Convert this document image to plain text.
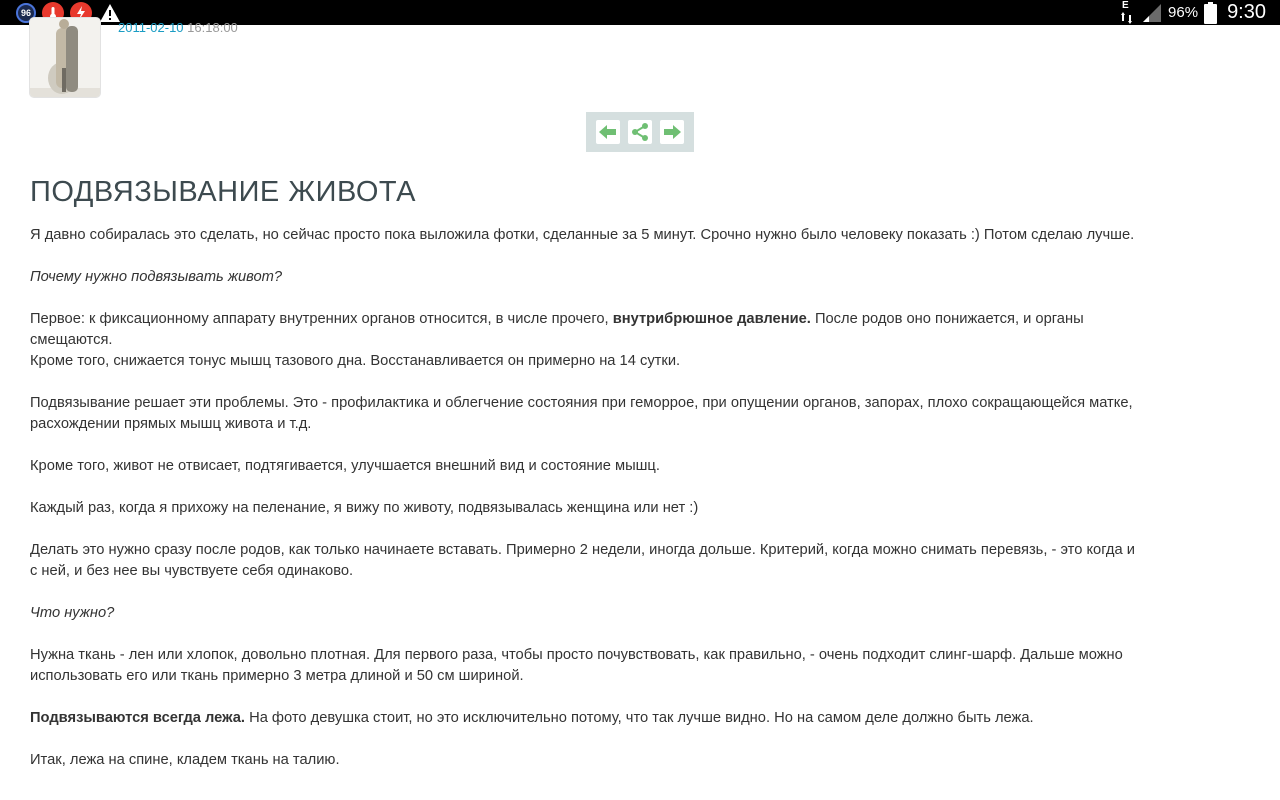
96
E	96% 9:30
2011-02-10 16:18:00
ПОДВЯЗЫВАНИЕ ЖИВОТА

Я давно собиралась это сделать, но сейчас просто пока выложила фотки, сделанные за 5 минут. Срочно нужно было человеку показать :) Потом сделаю лучше.

Почему нужно подвязывать живот?

Первое: к фиксационному аппарату внутренних органов относится, в числе прочего, внутрибрюшное давление. После родов оно понижается, и органы смещаются.
Кроме того, снижается тонус мышц тазового дна. Восстанавливается он примерно на 14 сутки.

Подвязывание решает эти проблемы. Это - профилактика и облегчение состояния при геморрое, при опущении органов, запорах, плохо сокращающейся матке, расхождении прямых мышц живота и т.д.

Кроме того, живот не отвисает, подтягивается, улучшается внешний вид и состояние мышц.

Каждый раз, когда я прихожу на пеленание, я вижу по животу, подвязывалась женщина или нет :)

Делать это нужно сразу после родов, как только начинаете вставать. Примерно 2 недели, иногда дольше. Критерий, когда можно снимать перевязь, - это когда и с ней, и без нее вы чувствуете себя одинаково.

Что нужно?

Нужна ткань - лен или хлопок, довольно плотная. Для первого раза, чтобы просто почувствовать, как правильно, - очень подходит слинг-шарф. Дальше можно использовать его или ткань примерно 3 метра длиной и 50 см шириной.

Подвязываются всегда лежа. На фото девушка стоит, но это исключительно потому, что так лучше видно. Но на самом деле должно быть лежа.

Итак, лежа на спине, кладем ткань на талию.
